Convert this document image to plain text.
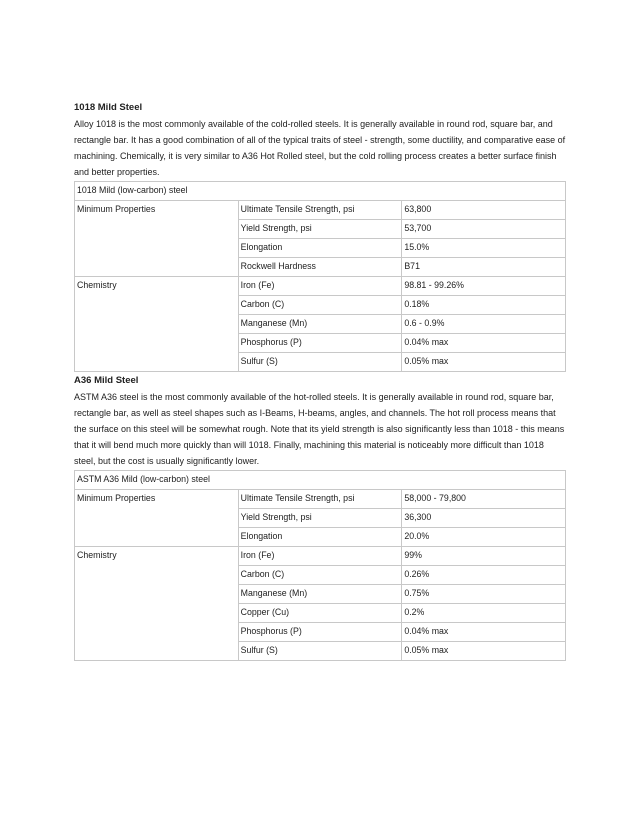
1018 Mild Steel

Alloy 1018 is the most commonly available of the cold-rolled steels. It is generally available in round rod, square bar, and rectangle bar. It has a good combination of all of the typical traits of steel - strength, some ductility, and comparative ease of machining. Chemically, it is very similar to A36 Hot Rolled steel, but the cold rolling process creates a better surface finish and better properties.

1018 Mild (low-carbon) steel		
Minimum Properties	Ultimate Tensile Strength, psi	63,800
	Yield Strength, psi	53,700
	Elongation	15.0%
	Rockwell Hardness	B71
Chemistry	Iron (Fe)	98.81 - 99.26%
	Carbon (C)	0.18%
	Manganese (Mn)	0.6 - 0.9%
	Phosphorus (P)	0.04% max
	Sulfur (S)	0.05% max
A36 Mild Steel

ASTM A36 steel is the most commonly available of the hot-rolled steels. It is generally available in round rod, square bar, rectangle bar, as well as steel shapes such as I-Beams, H-beams, angles, and channels. The hot roll process means that the surface on this steel will be somewhat rough. Note that its yield strength is also significantly less than 1018 - this means that it will bend much more quickly than will 1018. Finally, machining this material is noticeably more difficult than 1018 steel, but the cost is usually significantly lower.

ASTM A36 Mild (low-carbon) steel		
Minimum Properties	Ultimate Tensile Strength, psi	58,000 - 79,800
	Yield Strength, psi	36,300
	Elongation	20.0%
Chemistry	Iron (Fe)	99%
	Carbon (C)	0.26%
	Manganese (Mn)	0.75%
	Copper (Cu)	0.2%
	Phosphorus (P)	0.04% max
	Sulfur (S)	0.05% max
